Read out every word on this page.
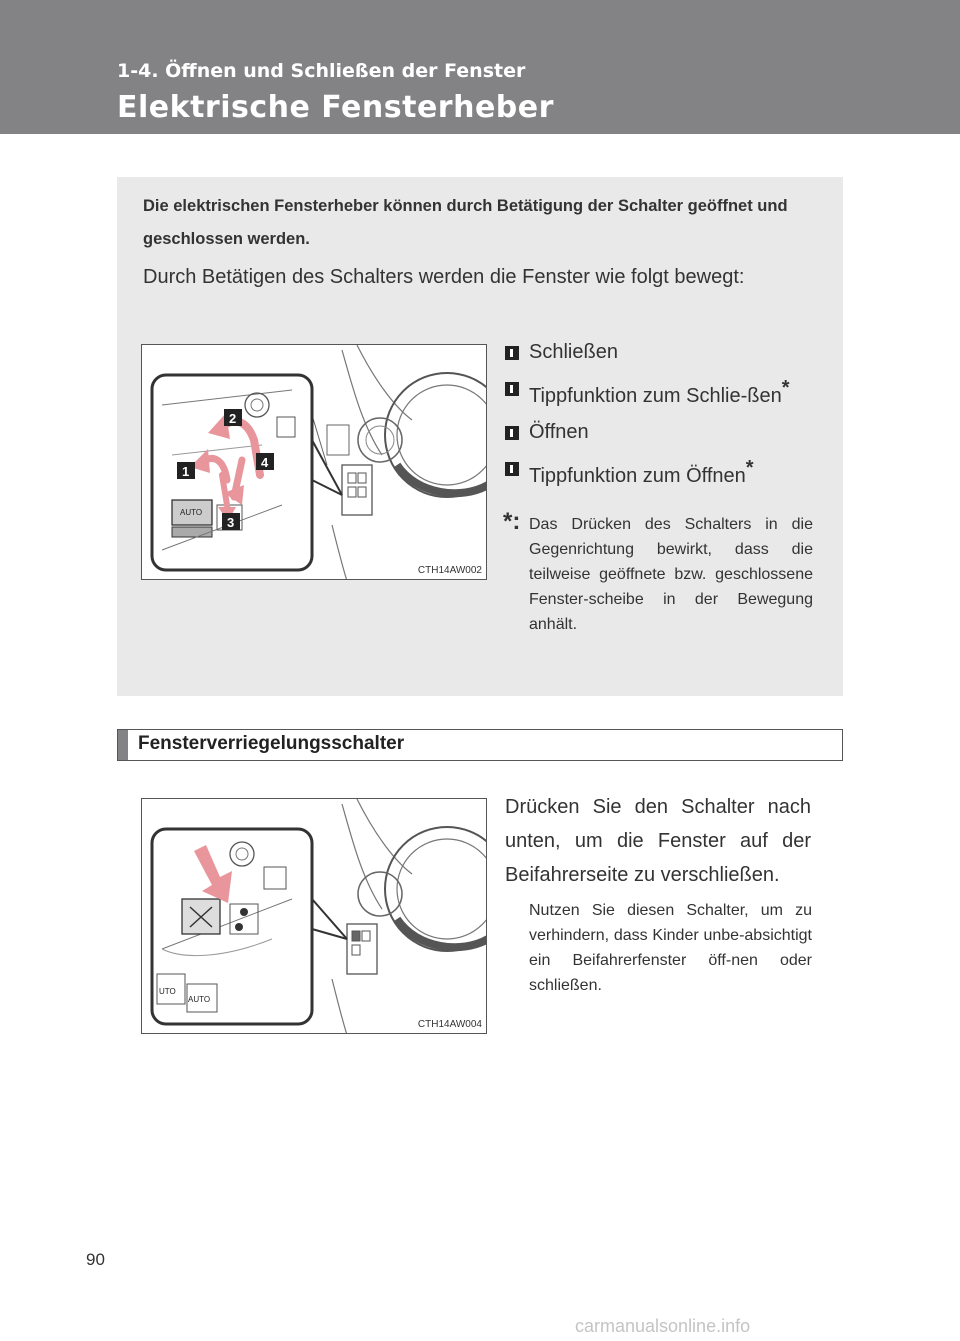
1-4. Öffnen und Schließen der Fenster
Elektrische Fensterheber
Die elektrischen Fensterheber können durch Betätigung der Schalter geöffnet und geschlossen werden.
Durch Betätigen des Schalters werden die Fenster wie folgt bewegt:
AUTO
2
1
4
3
CTH14AW002
Schließen
Tippfunktion zum Schlie-ßen*
Öffnen
Tippfunktion zum Öffnen*
*: Das Drücken des Schalters in die Gegenrichtung bewirkt, dass die teilweise geöffnete bzw. geschlossene Fenster-scheibe in der Bewegung anhält.
Fensterverriegelungsschalter
UTO
AUTO
CTH14AW004
Drücken Sie den Schalter nach unten, um die Fenster auf der Beifahrerseite zu verschließen.
Nutzen Sie diesen Schalter, um zu verhindern, dass Kinder unbe-absichtigt ein Beifahrerfenster öff-nen oder schließen.
90
carmanualsonline.info
